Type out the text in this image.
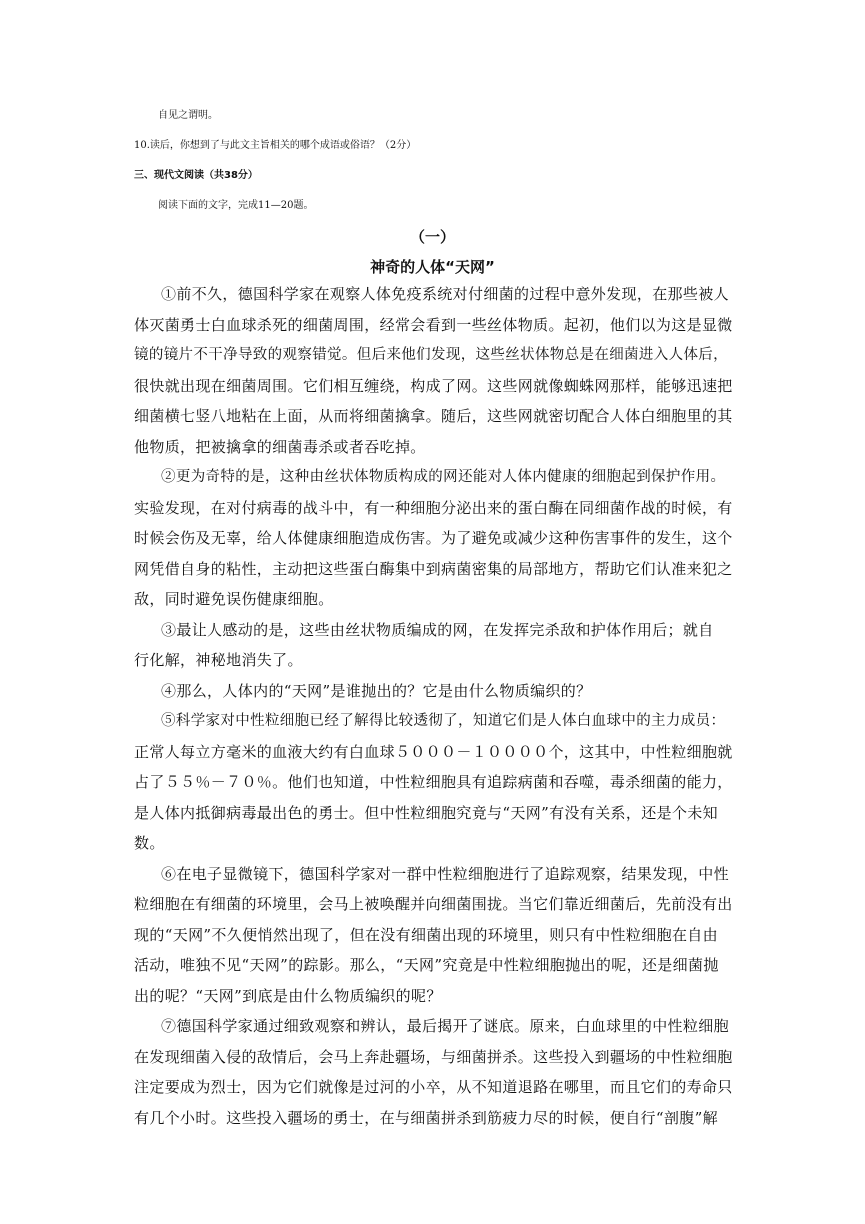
自见之谓明。

10.读后，你想到了与此文主旨相关的哪个成语或俗语？（2分）

三、现代文阅读（共38分）

阅读下面的文字，完成11—20题。

（一）

神奇的人体“天网”

①前不久，德国科学家在观察人体免疫系统对付细菌的过程中意外发现，在那些被人
体灭菌勇士白血球杀死的细菌周围，经常会看到一些丝体物质。起初，他们以为这是显微
镜的镜片不干净导致的观察错觉。但后来他们发现，这些丝状体物总是在细菌进入人体后，
很快就出现在细菌周围。它们相互缠绕，构成了网。这些网就像蜘蛛网那样，能够迅速把
细菌横七竖八地粘在上面，从而将细菌擒拿。随后，这些网就密切配合人体白细胞里的其
他物质，把被擒拿的细菌毒杀或者吞吃掉。
②更为奇特的是，这种由丝状体物质构成的网还能对人体内健康的细胞起到保护作用。
实验发现，在对付病毒的战斗中，有一种细胞分泌出来的蛋白酶在同细菌作战的时候，有
时候会伤及无辜，给人体健康细胞造成伤害。为了避免或减少这种伤害事件的发生，这个
网凭借自身的粘性，主动把这些蛋白酶集中到病菌密集的局部地方，帮助它们认准来犯之
敌，同时避免误伤健康细胞。
③最让人感动的是，这些由丝状物质编成的网，在发挥完杀敌和护体作用后；就自
行化解，神秘地消失了。
④那么，人体内的“天网”是谁抛出的？它是由什么物质编织的？
⑤科学家对中性粒细胞已经了解得比较透彻了，知道它们是人体白血球中的主力成员：
正常人每立方毫米的血液大约有白血球５０００－１００００个，这其中，中性粒细胞就
占了５５％－７０％。他们也知道，中性粒细胞具有追踪病菌和吞噬，毒杀细菌的能力，
是人体内抵御病毒最出色的勇士。但中性粒细胞究竟与“天网”有没有关系，还是个未知
数。
⑥在电子显微镜下，德国科学家对一群中性粒细胞进行了追踪观察，结果发现，中性
粒细胞在有细菌的环境里，会马上被唤醒并向细菌围拢。当它们靠近细菌后，先前没有出
现的“天网”不久便悄然出现了，但在没有细菌出现的环境里，则只有中性粒细胞在自由
活动，唯独不见“天网”的踪影。那么，“天网”究竟是中性粒细胞抛出的呢，还是细菌抛
出的呢？“天网”到底是由什么物质编织的呢？
⑦德国科学家通过细致观察和辨认，最后揭开了谜底。原来，白血球里的中性粒细胞
在发现细菌入侵的敌情后，会马上奔赴疆场，与细菌拼杀。这些投入到疆场的中性粒细胞
注定要成为烈士，因为它们就像是过河的小卒，从不知道退路在哪里，而且它们的寿命只
有几个小时。这些投入疆场的勇士，在与细菌拼杀到筋疲力尽的时候，便自行“剖腹”解
